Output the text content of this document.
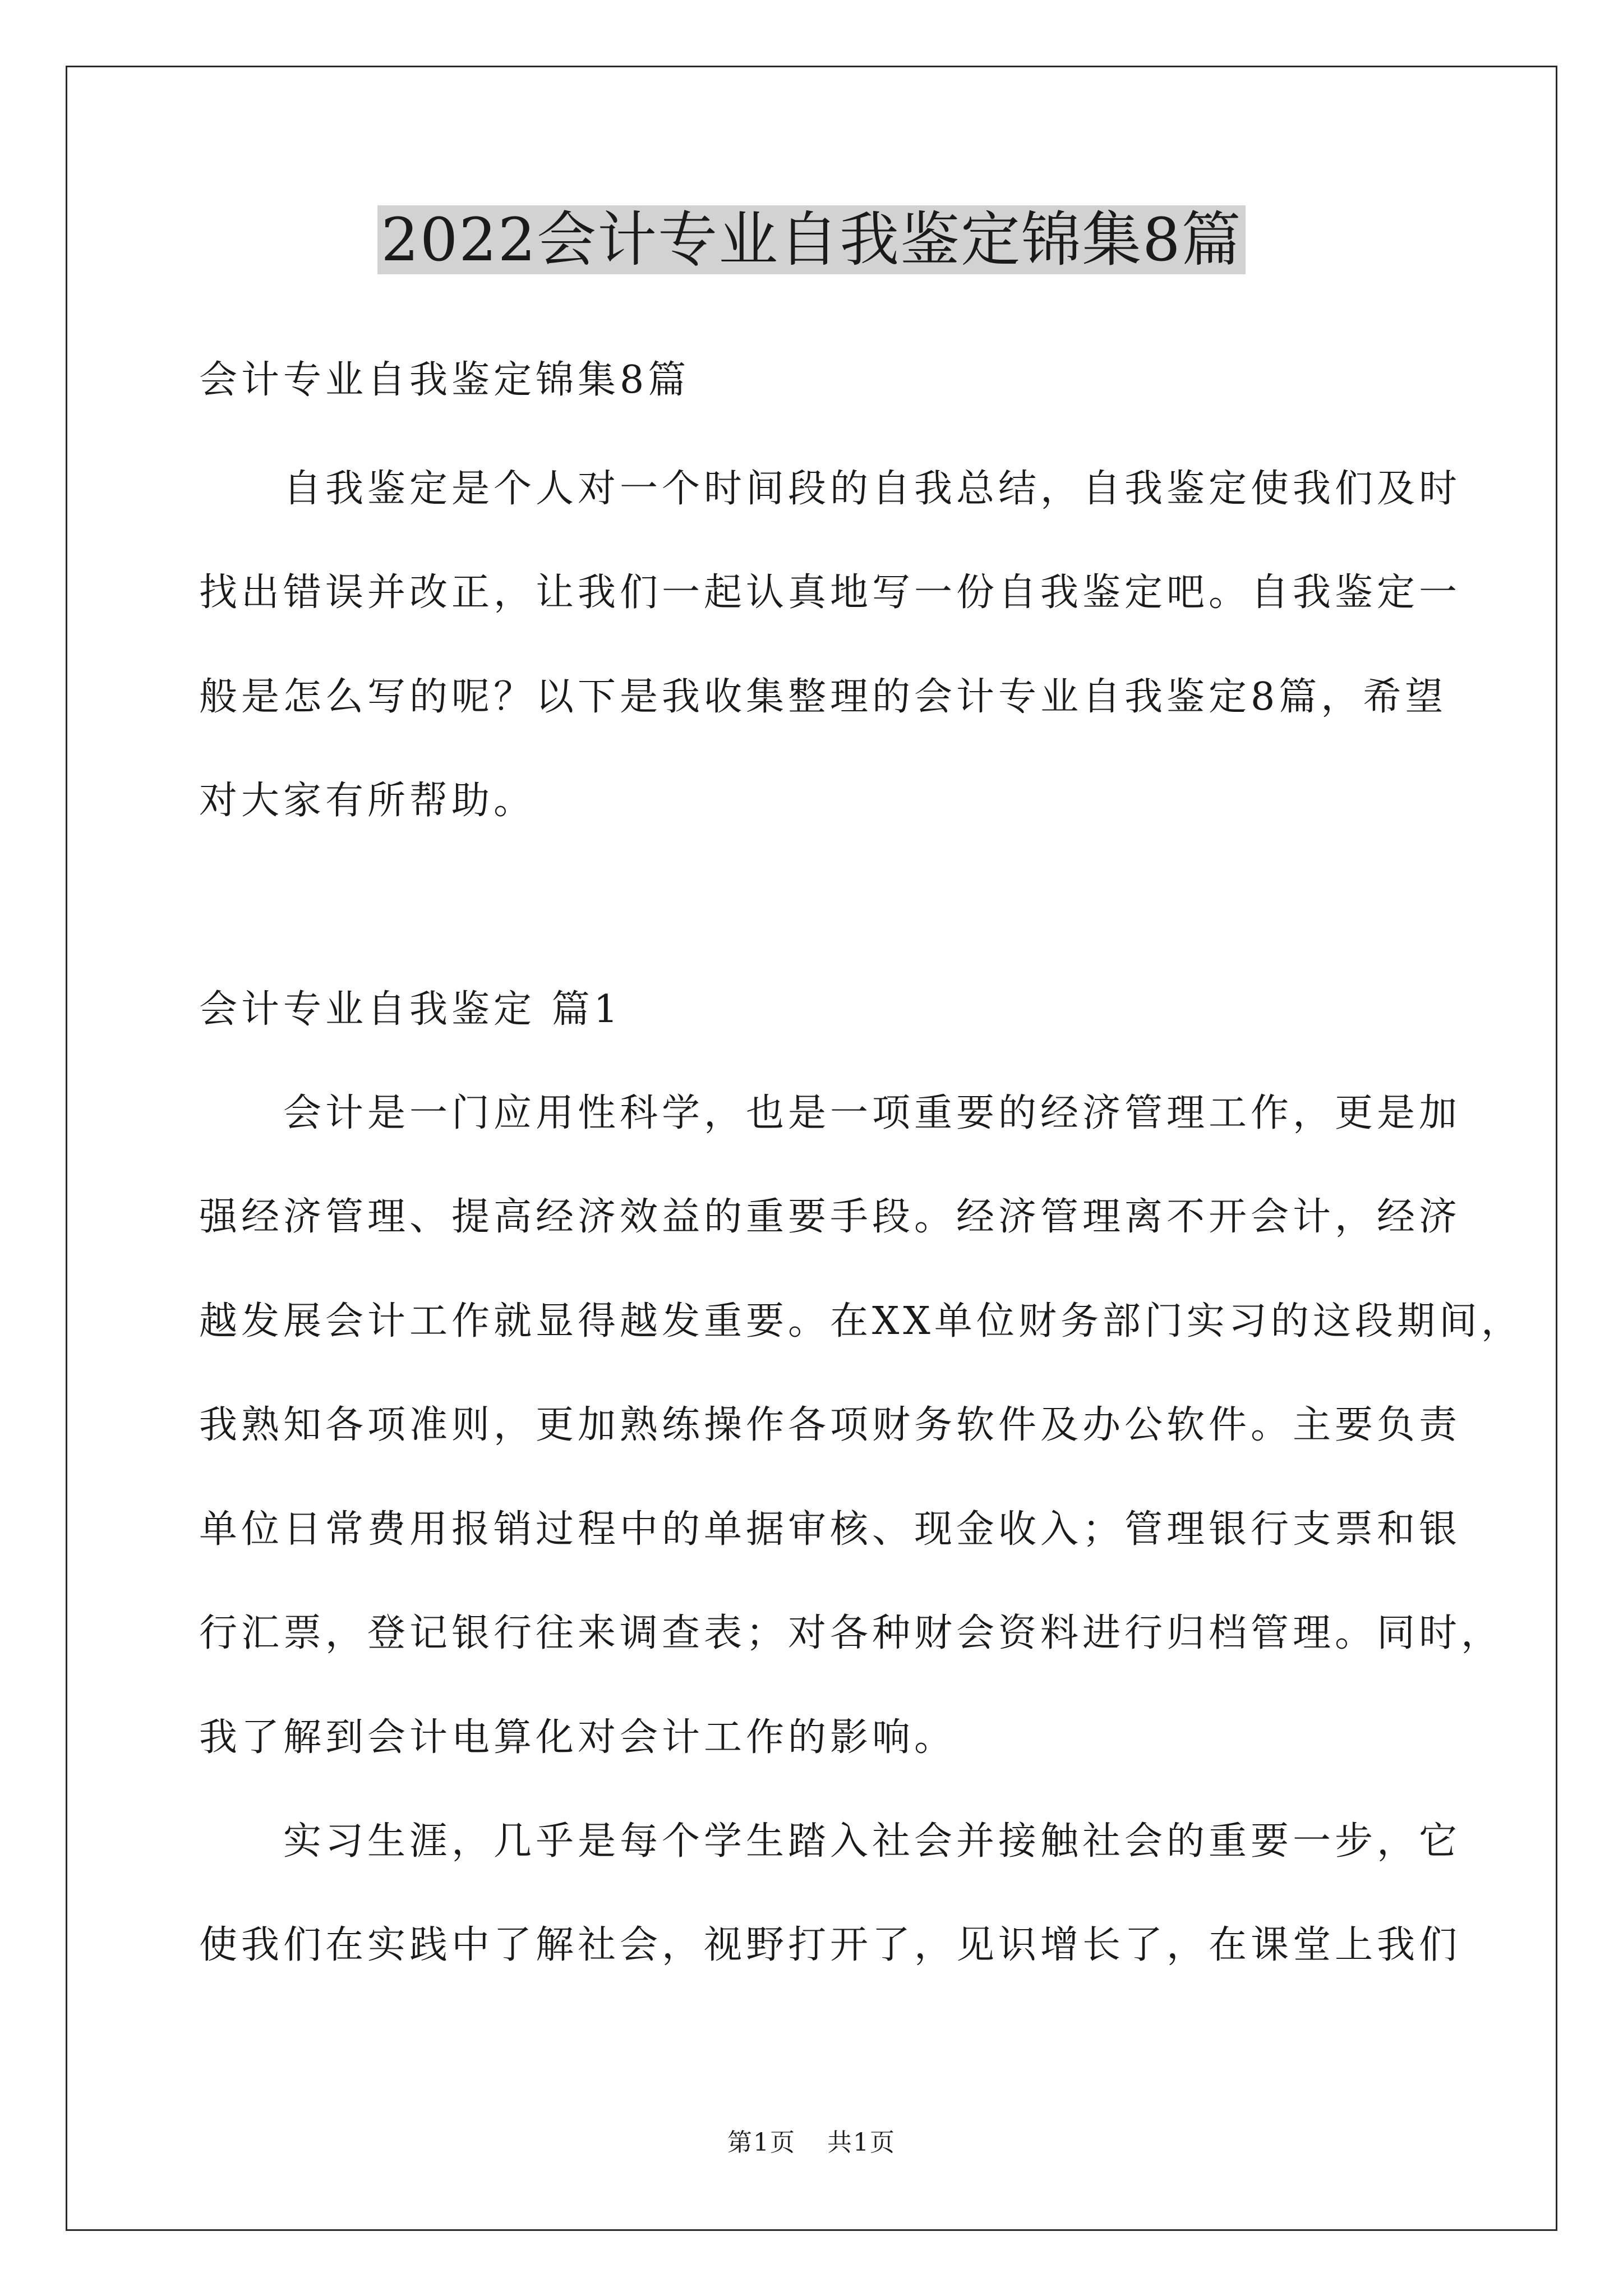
2022会计专业自我鉴定锦集8篇
会计专业自我鉴定锦集8篇
自我鉴定是个人对一个时间段的自我总结，自我鉴定使我们及时
找出错误并改正，让我们一起认真地写一份自我鉴定吧。自我鉴定一
般是怎么写的呢？以下是我收集整理的会计专业自我鉴定8篇，希望
对大家有所帮助。
会计专业自我鉴定 篇1
会计是一门应用性科学，也是一项重要的经济管理工作，更是加
强经济管理、提高经济效益的重要手段。经济管理离不开会计，经济
越发展会计工作就显得越发重要。在XX单位财务部门实习的这段期间，
我熟知各项准则，更加熟练操作各项财务软件及办公软件。主要负责
单位日常费用报销过程中的单据审核、现金收入；管理银行支票和银
行汇票，登记银行往来调查表；对各种财会资料进行归档管理。同时，
我了解到会计电算化对会计工作的影响。
实习生涯，几乎是每个学生踏入社会并接触社会的重要一步，它
使我们在实践中了解社会，视野打开了，见识增长了，在课堂上我们
第1页 共1页
